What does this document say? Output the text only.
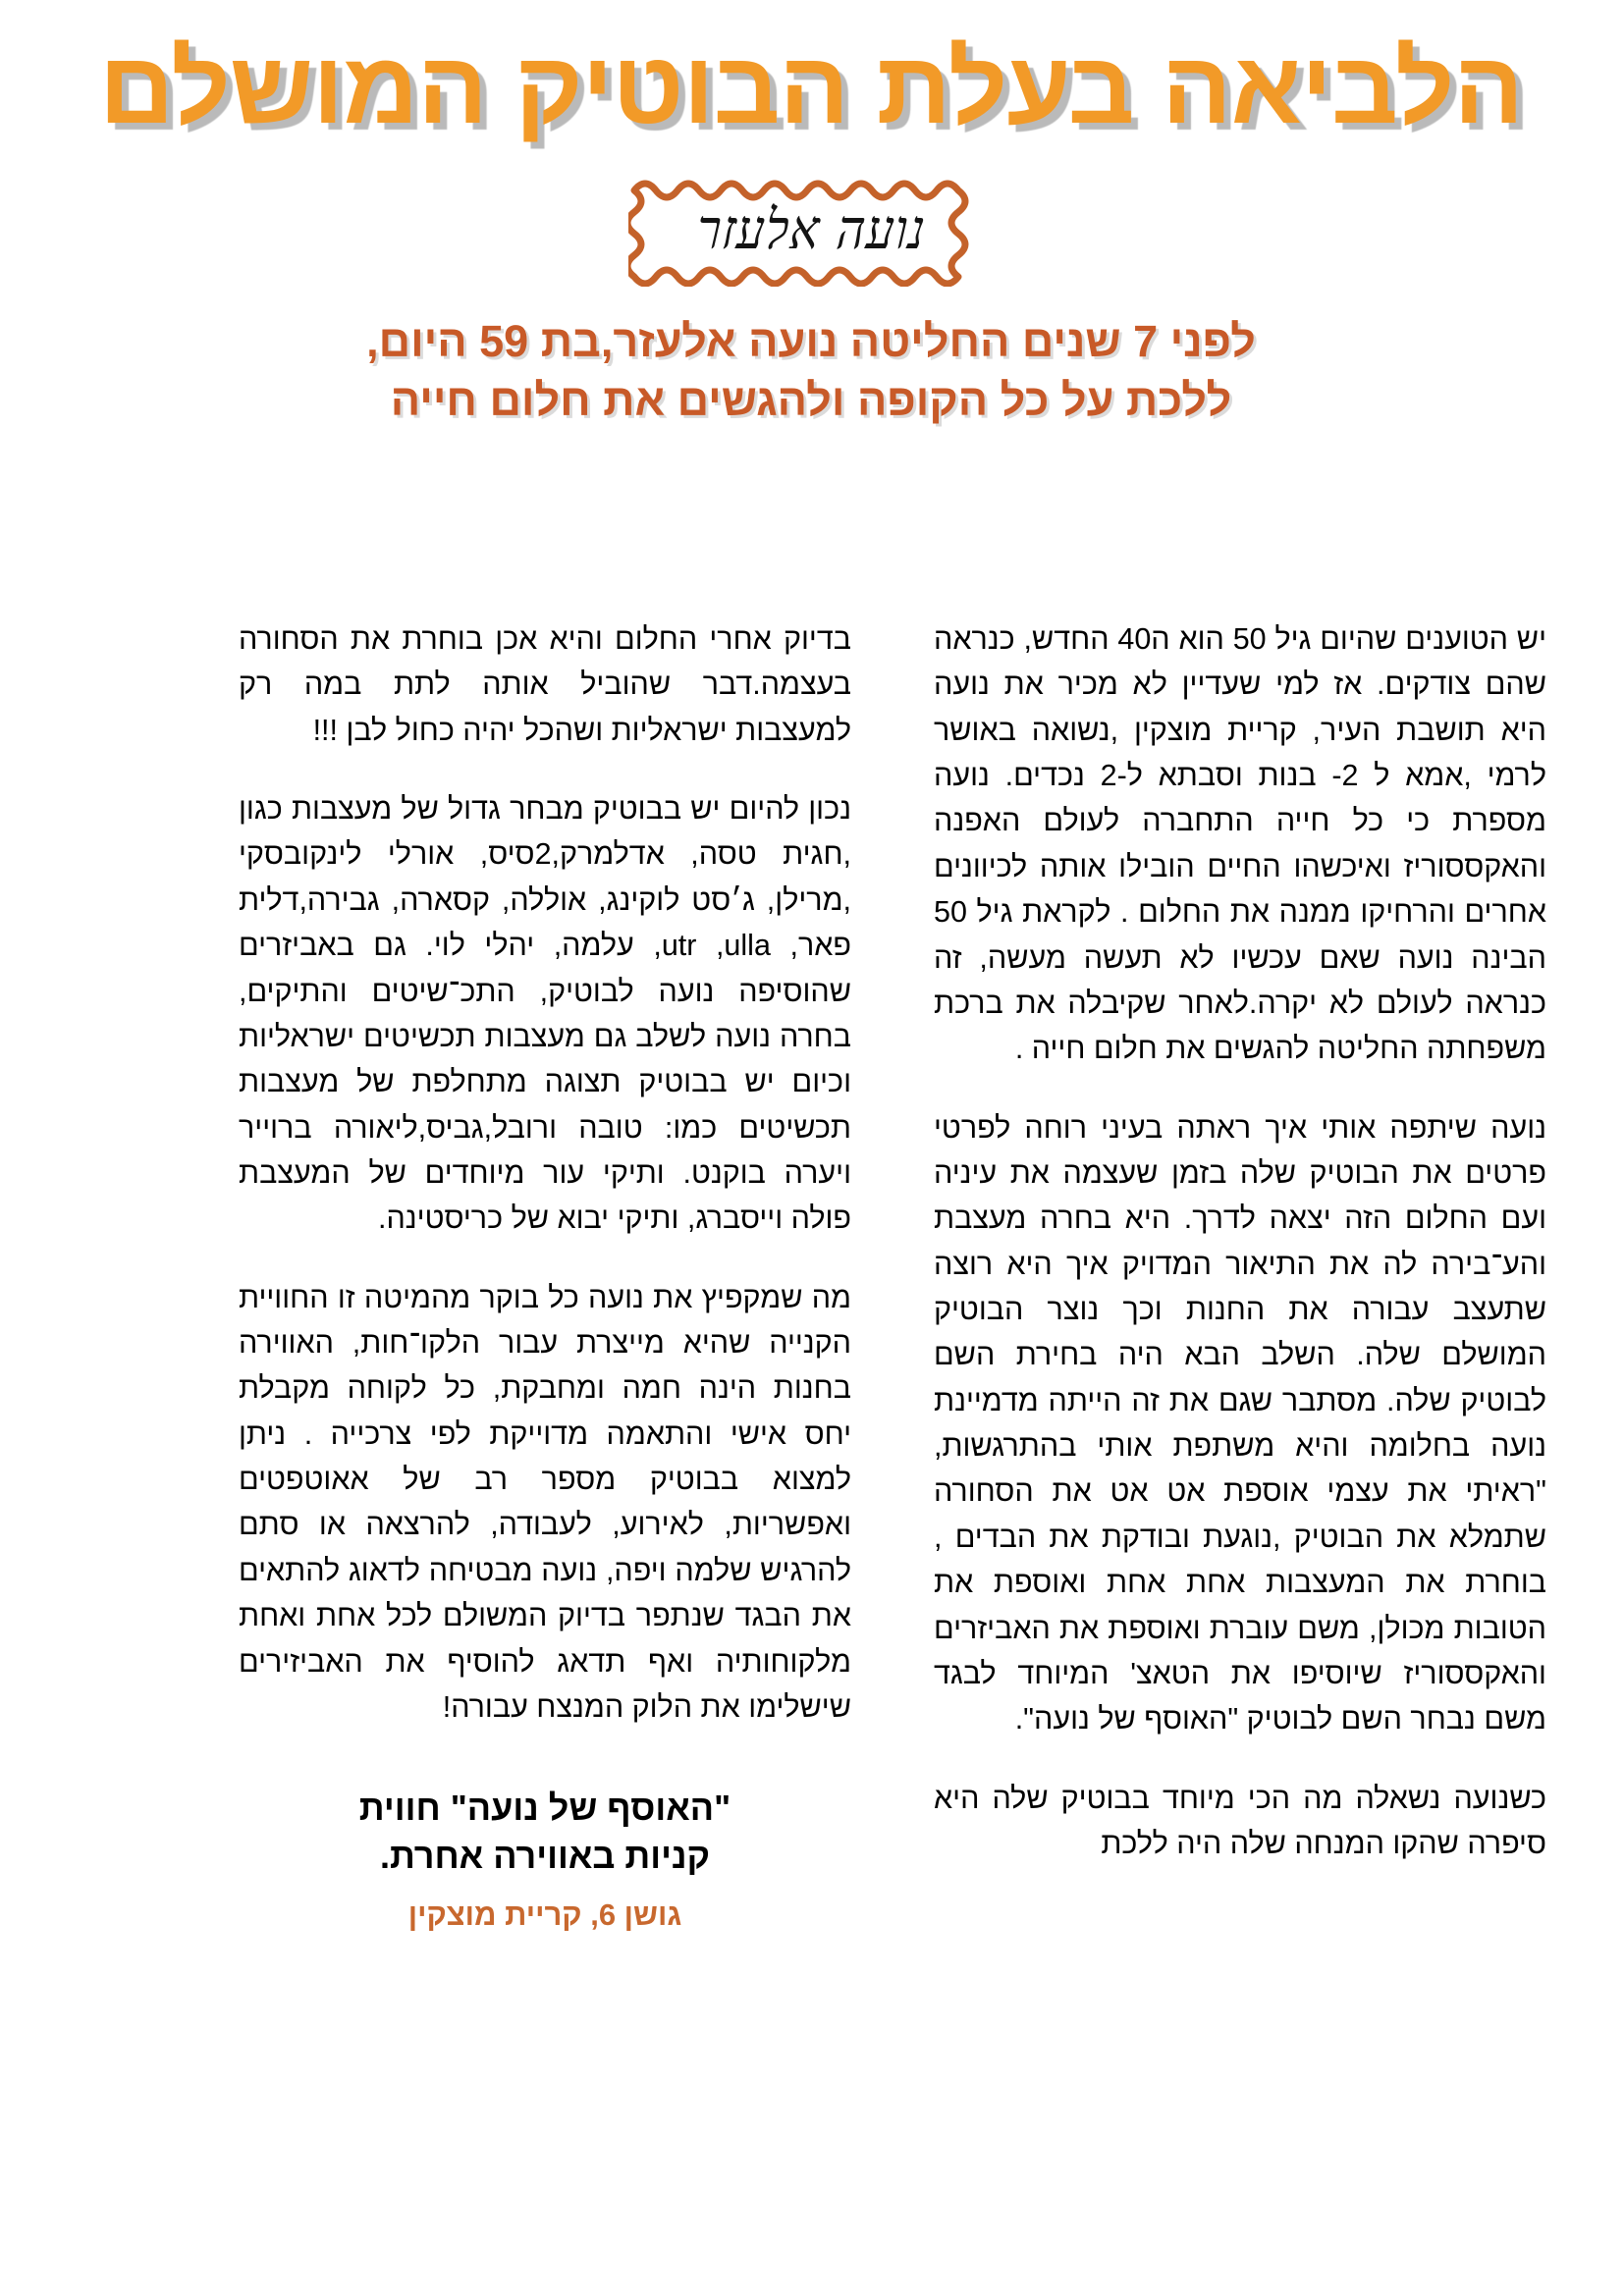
הלביאה בעלת הבוטיק המושלם
נועה אלעזר
לפני 7 שנים החליטה נועה אלעזר,בת 59 היום,
ללכת על כל הקופה ולהגשים את חלום חייה

יש הטוענים שהיום גיל 50 הוא ה40 החדש, כנראה שהם צודקים. אז למי שעדיין לא מכיר את נועה היא תושבת העיר, קריית מוצקין ,נשואה באושר לרמי ,אמא ל 2- בנות וסבתא ל-2 נכדים. נועה מספרת כי כל חייה התחברה לעולם האפנה והאקססוריז ואיכשהו החיים הובילו אותה לכיוונים אחרים והרחיקו ממנה את החלום . לקראת גיל 50 הבינה נועה שאם עכשיו לא תעשה מעשה, זה כנראה לעולם לא יקרה.לאחר שקיבלה את ברכת משפחתה החליטה להגשים את חלום חייה .

נועה שיתפה אותי איך ראתה בעיני רוחה לפרטי פרטים את הבוטיק שלה בזמן שעצמה את עיניה ועם החלום הזה יצאה לדרך. היא בחרה מעצבת והע־בירה לה את התיאור המדויק איך היא רוצה שתעצב עבורה את החנות וכך נוצר הבוטיק המושלם שלה. השלב הבא היה בחירת השם לבוטיק שלה. מסתבר שגם את זה הייתה מדמיינת נועה בחלומה והיא משתפת אותי בהתרגשות, "ראיתי את עצמי אוספת אט אט את הסחורה שתמלא את הבוטיק ,נוגעת ובודקת את הבדים , בוחרת את המעצבות אחת אחת ואוספת את הטובות מכולן, משם עוברת ואוספת את האביזרים והאקססוריז שיוסיפו את הטאצ' המיוחד לבגד משם נבחר השם לבוטיק "האוסף של נועה".

כשנועה נשאלה מה הכי מיוחד בבוטיק שלה היא סיפרה שהקו המנחה שלה היה ללכת

בדיוק אחרי החלום והיא אכן בוחרת את הסחורה בעצמה.דבר שהוביל אותה לתת במה רק למעצבות ישראליות ושהכל יהיה כחול לבן !!!

נכון להיום יש בבוטיק מבחר גדול של מעצבות כגון ,חגית טסה, אדלמרק,2סיס, אורלי לינקובסקי ,מרילן, ג׳סט לוקינג, אוללה, קסארה, גבירה,דלית פאר, utr ,ulla, עלמה, יהלי לוי. גם באביזרים שהוסיפה נועה לבוטיק, התכ־שיטים והתיקים, בחרה נועה לשלב גם מעצבות תכשיטים ישראליות וכיום יש בבוטיק תצוגה מתחלפת של מעצבות תכשיטים כמו: טובה ורובל,גביס,ליאורה ברוייר ויערה בוקנט. ותיקי עור מיוחדים של המעצבת פולה וייסברג, ותיקי יבוא של כריסטינה.

מה שמקפיץ את נועה כל בוקר מהמיטה זו החוויית הקנייה שהיא מייצרת עבור הלקו־חות, האווירה בחנות הינה חמה ומחבקת, כל לקוחה מקבלת יחס אישי והתאמה מדוייקת לפי צרכייה . ניתן למצוא בבוטיק מספר רב של אאוטפטים ואפשריות, לאירוע, לעבודה, להרצאה או סתם להרגיש שלמה ויפה, נועה מבטיחה לדאוג להתאים את הבגד שנתפר בדיוק המשולם לכל אחת ואחת מלקוחותיה ואף תדאג להוסיף את האביזירים שישלימו את הלוק המנצח עבורה!

"האוסף של נועה" חווית
קניות באווירה אחרת.
גושן 6, קריית מוצקין
